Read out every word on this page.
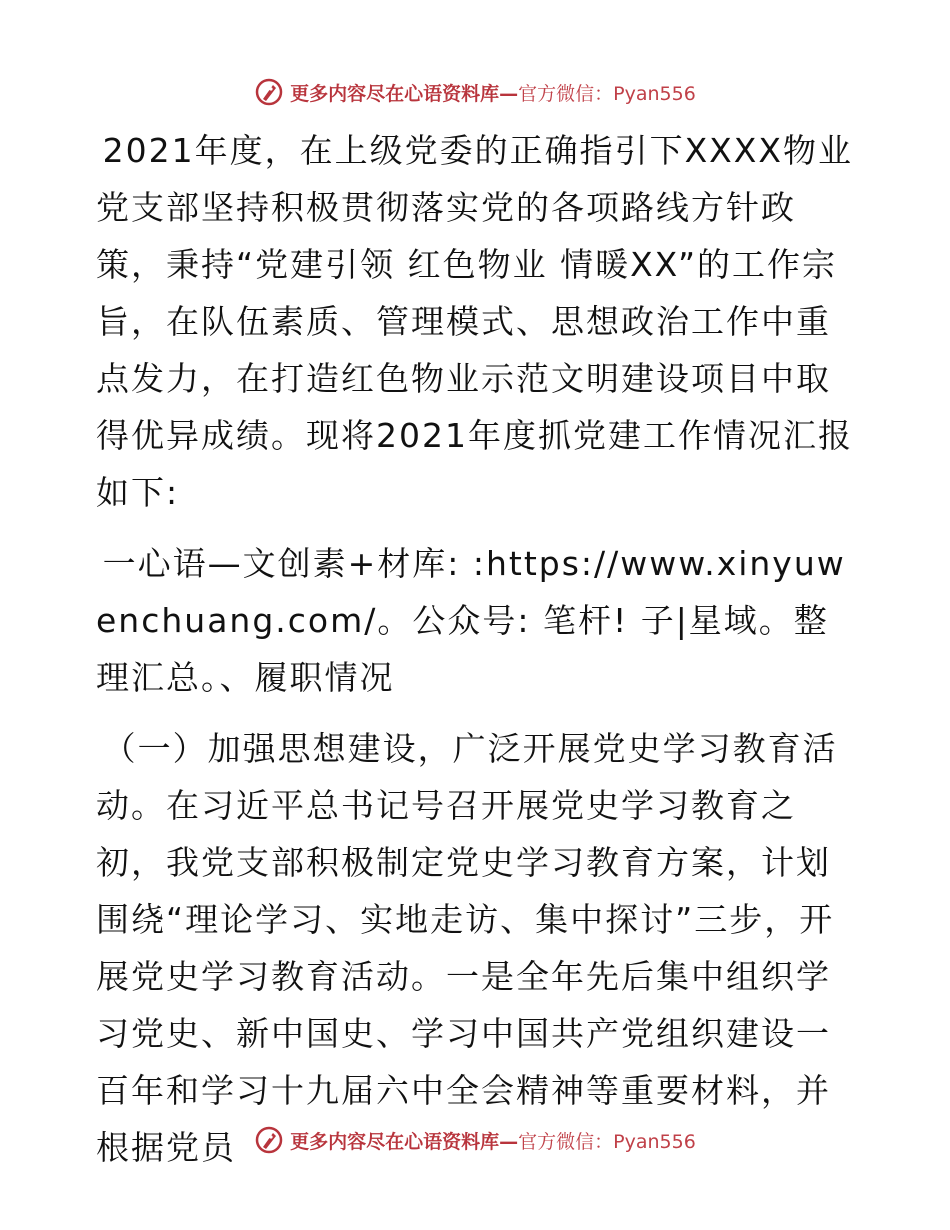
更多内容尽在心语资料库—官方微信：Pyan556

2021年度，在上级党委的正确指引下XXXX物业党支部坚持积极贯彻落实党的各项路线方针政策，秉持“党建引领 红色物业 情暖XX”的工作宗旨，在队伍素质、管理模式、思想政治工作中重点发力，在打造红色物业示范文明建设项目中取得优异成绩。现将2021年度抓党建工作情况汇报如下:

一心语—文创素+材库: :https://www.xinyuwenchuang.com/。公众号: 笔杆! 子|星域。整理汇总。、履职情况

（一）加强思想建设，广泛开展党史学习教育活动。在习近平总书记号召开展党史学习教育之初，我党支部积极制定党史学习教育方案，计划围绕“理论学习、实地走访、集中探讨”三步，开展党史学习教育活动。一是全年先后集中组织学习党史、新中国史、学习中国共产党组织建设一百年和学习十九届六中全会精神等重要材料，并根据党员	更多内容尽在心语资料库—官方微信：Pyan556
